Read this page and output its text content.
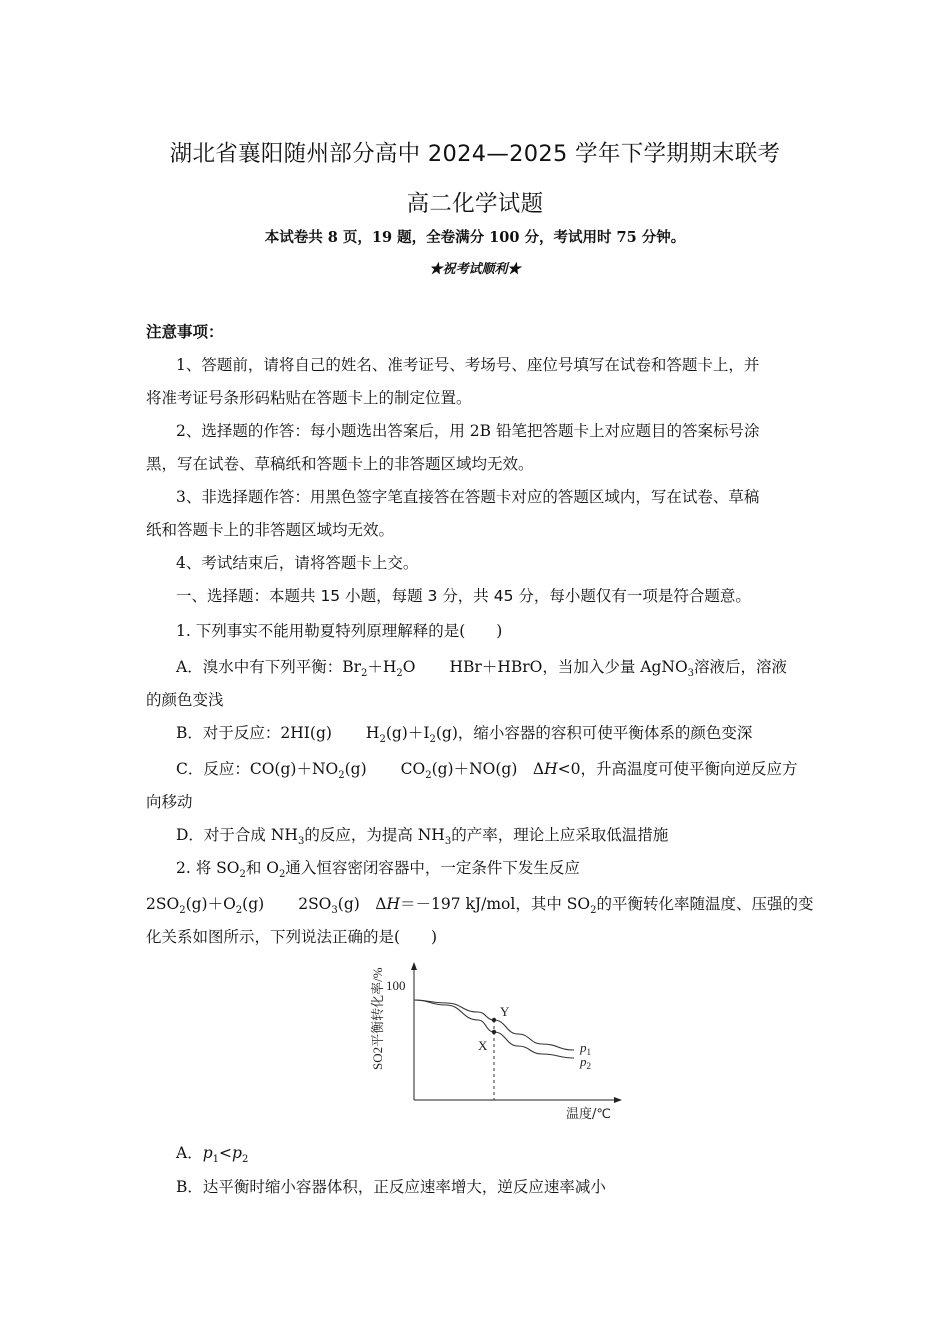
湖北省襄阳随州部分高中 2024—2025 学年下学期期末联考
高二化学试题
本试卷共 8 页，19 题，全卷满分 100 分，考试用时 75 分钟。
★祝考试顺利★
注意事项：
1、答题前，请将自己的姓名、准考证号、考场号、座位号填写在试卷和答题卡上，并
将准考证号条形码粘贴在答题卡上的制定位置。
2、选择题的作答：每小题选出答案后，用 2B 铅笔把答题卡上对应题目的答案标号涂
黑，写在试卷、草稿纸和答题卡上的非答题区域均无效。
3、非选择题作答：用黑色签字笔直接答在答题卡对应的答题区域内，写在试卷、草稿
纸和答题卡上的非答题区域均无效。
4、考试结束后，请将答题卡上交。
一、选择题：本题共 15 小题，每题 3 分，共 45 分，每小题仅有一项是符合题意。
1. 下列事实不能用勒夏特列原理解释的是(　　)
A．溴水中有下列平衡：$Br_2+H_2O$ HBr＋HBrO，当加入少量 AgNO$_3$溶液后，溶液
的颜色变浅
B．对于反应：2HI(g) $H_2(g)+I_2(g)$，缩小容器的容积可使平衡体系的颜色变深
C．反应：$CO(g)+NO_2(g)$ $CO_2(g)+NO(g)$　ΔH<0，升高温度可使平衡向逆反应方
向移动
D．对于合成 $NH_3$的反应，为提高 $NH_3$的产率，理论上应采取低温措施
2. 将 $SO_2$和 $O_2$通入恒容密闭容器中，一定条件下发生反应
$2SO_2(g)+O_2(g)$ $2SO_3(g)$　ΔH＝－197 kJ/mol，其中 $SO_2$的平衡转化率随温度、压强的变
化关系如图所示，下列说法正确的是(　　)
100
SO2平衡转化率/%
温度/℃
X
Y
$p_1$
$p_2$
A．$p_1<p_2$
B．达平衡时缩小容器体积，正反应速率增大，逆反应速率减小
